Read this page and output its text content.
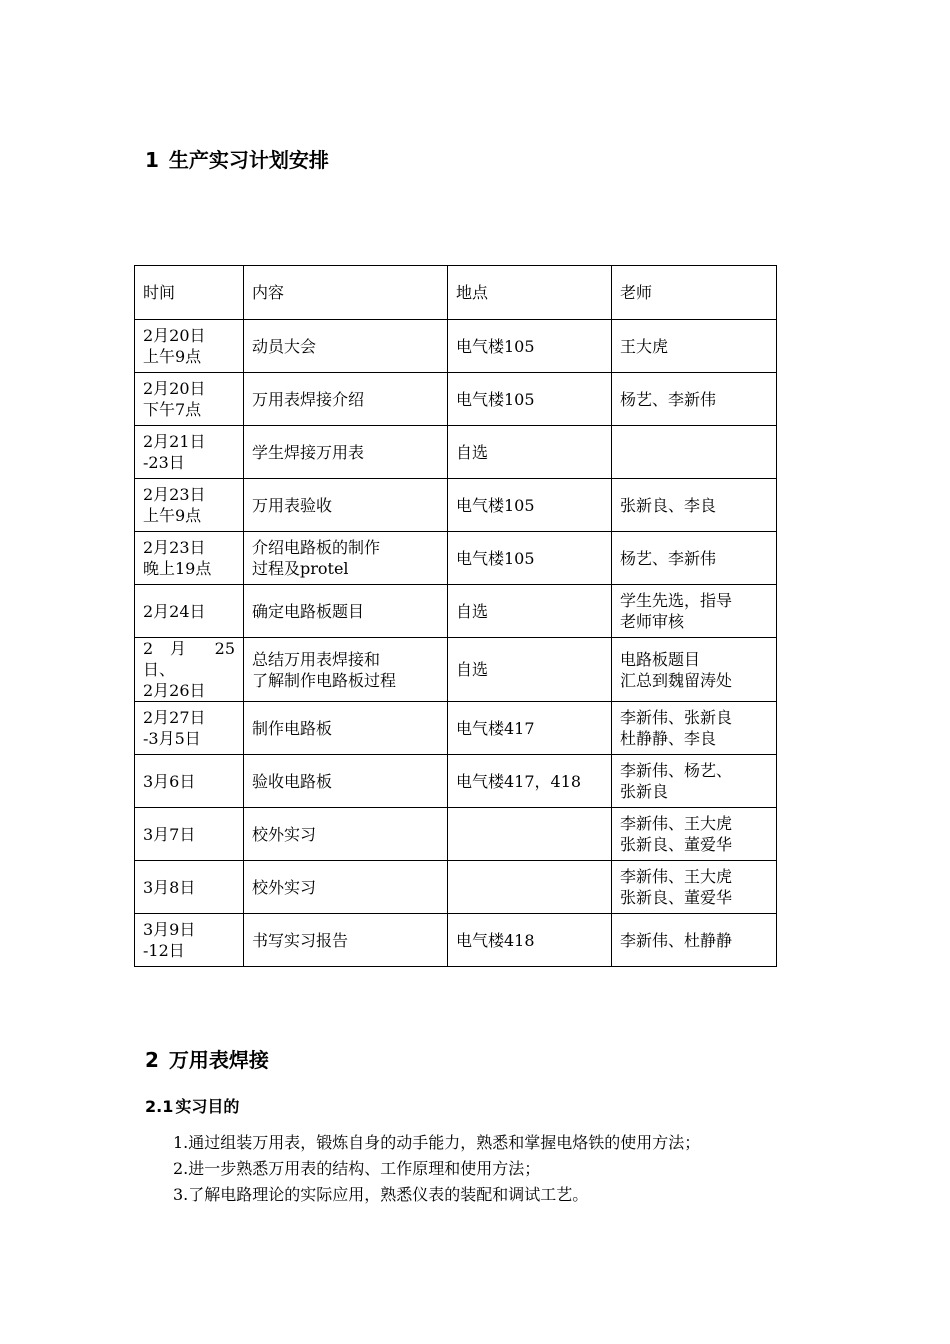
1 生产实习计划安排
时间	内容	地点	老师

2月20日
上午9点	动员大会	电气楼105	王大虎

2月20日
下午7点	万用表焊接介绍	电气楼105	杨艺、李新伟

2月21日
-23日	学生焊接万用表	自选	

2月23日
上午9点	万用表验收	电气楼105	张新良、李良

2月23日
晚上19点	介绍电路板的制作
过程及protel	电气楼105	杨艺、李新伟

2月24日	确定电路板题目	自选	学生先选，指导
老师审核

2 月 25
日、
2月26日	总结万用表焊接和
了解制作电路板过程	自选	电路板题目
汇总到魏留涛处

2月27日
-3月5日	制作电路板	电气楼417	李新伟、张新良
杜静静、李良

3月6日	验收电路板	电气楼417，418	李新伟、杨艺、
张新良

3月7日	校外实习		李新伟、王大虎
张新良、董爱华

3月8日	校外实习		李新伟、王大虎
张新良、董爱华

3月9日
-12日	书写实习报告	电气楼418	李新伟、杜静静
2 万用表焊接
2.1 实习目的
1.通过组装万用表，锻炼自身的动手能力，熟悉和掌握电烙铁的使用方法；
2.进一步熟悉万用表的结构、工作原理和使用方法；
3.了解电路理论的实际应用，熟悉仪表的装配和调试工艺。
